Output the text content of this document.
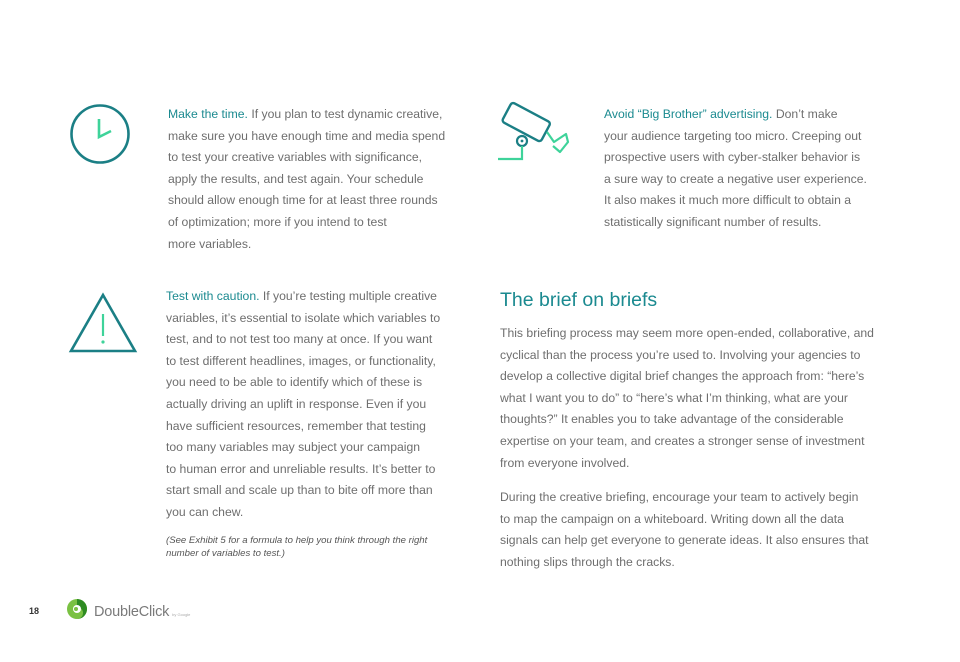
Make the time. If you plan to test dynamic creative,
make sure you have enough time and media spend
to test your creative variables with significance,
apply the results, and test again. Your schedule
should allow enough time for at least three rounds
of optimization; more if you intend to test
more variables.

Avoid “Big Brother” advertising. Don’t make
your audience targeting too micro. Creeping out
prospective users with cyber-stalker behavior is
a sure way to create a negative user experience.
It also makes it much more difficult to obtain a
statistically significant number of results.

Test with caution. If you’re testing multiple creative
variables, it’s essential to isolate which variables to
test, and to not test too many at once. If you want
to test different headlines, images, or functionality,
you need to be able to identify which of these is
actually driving an uplift in response. Even if you
have sufficient resources, remember that testing
too many variables may subject your campaign
to human error and unreliable results. It’s better to
start small and scale up than to bite off more than
you can chew.

(See Exhibit 5 for a formula to help you think through the right
number of variables to test.)

The brief on briefs

This briefing process may seem more open-ended, collaborative, and
cyclical than the process you’re used to. Involving your agencies to
develop a collective digital brief changes the approach from: “here’s
what I want you to do” to “here’s what I’m thinking, what are your
thoughts?” It enables you to take advantage of the considerable
expertise on your team, and creates a stronger sense of investment
from everyone involved.

During the creative briefing, encourage your team to actively begin
to map the campaign on a whiteboard. Writing down all the data
signals can help get everyone to generate ideas. It also ensures that
nothing slips through the cracks.

18	DoubleClick by Google
